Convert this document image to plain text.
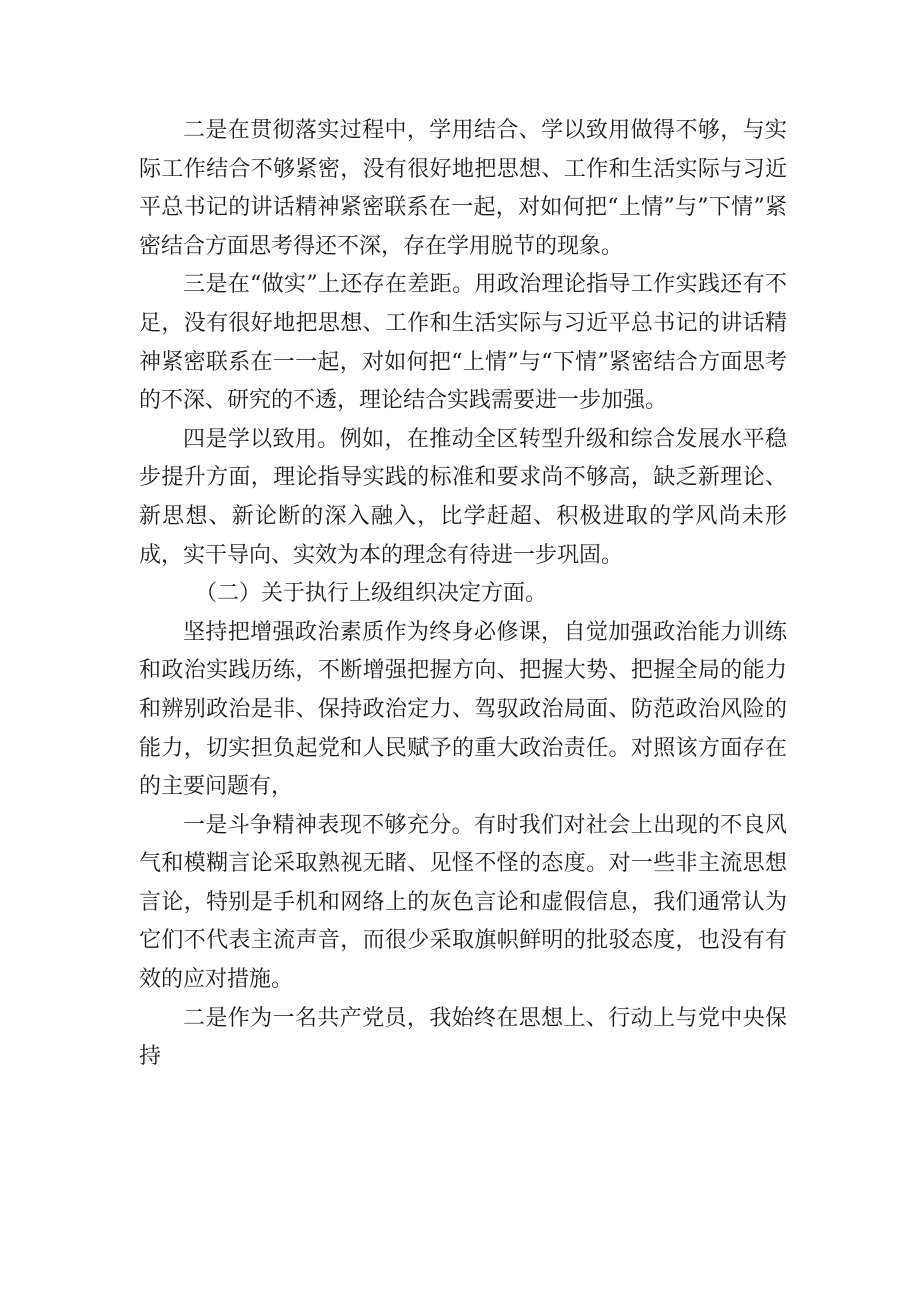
二是在贯彻落实过程中，学用结合、学以致用做得不够，与实际工作结合不够紧密，没有很好地把思想、工作和生活实际与习近平总书记的讲话精神紧密联系在一起，对如何把“上情”与”下情”紧密结合方面思考得还不深，存在学用脱节的现象。

三是在“做实”上还存在差距。用政治理论指导工作实践还有不足，没有很好地把思想、工作和生活实际与习近平总书记的讲话精神紧密联系在一一起，对如何把“上情”与“下情”紧密结合方面思考的不深、研究的不透，理论结合实践需要进一步加强。

四是学以致用。例如，在推动全区转型升级和综合发展水平稳步提升方面，理论指导实践的标准和要求尚不够高，缺乏新理论、新思想、新论断的深入融入，比学赶超、积极进取的学风尚未形成，实干导向、实效为本的理念有待进一步巩固。

（二）关于执行上级组织决定方面。

坚持把增强政治素质作为终身必修课，自觉加强政治能力训练和政治实践历练，不断增强把握方向、把握大势、把握全局的能力和辨别政治是非、保持政治定力、驾驭政治局面、防范政治风险的能力，切实担负起党和人民赋予的重大政治责任。对照该方面存在的主要问题有，

一是斗争精神表现不够充分。有时我们对社会上出现的不良风气和模糊言论采取熟视无睹、见怪不怪的态度。对一些非主流思想言论，特别是手机和网络上的灰色言论和虚假信息，我们通常认为它们不代表主流声音，而很少采取旗帜鲜明的批驳态度，也没有有效的应对措施。

二是作为一名共产党员，我始终在思想上、行动上与党中央保持
